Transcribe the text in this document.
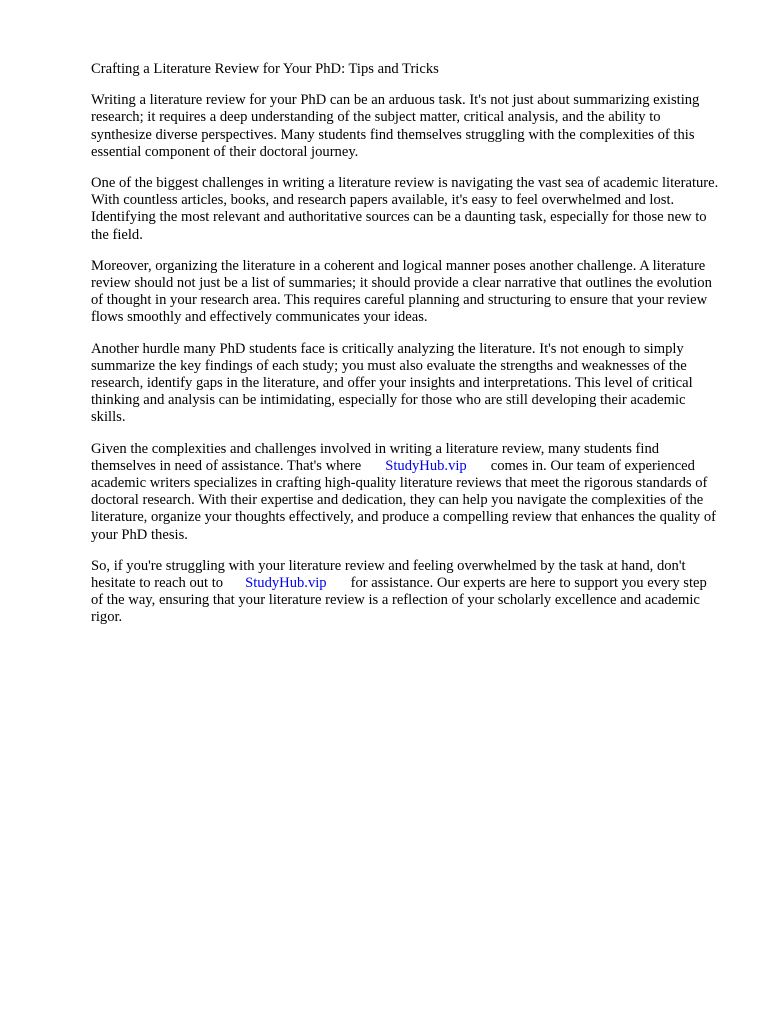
Crafting a Literature Review for Your PhD: Tips and Tricks

Writing a literature review for your PhD can be an arduous task. It's not just about summarizing existing research; it requires a deep understanding of the subject matter, critical analysis, and the ability to synthesize diverse perspectives. Many students find themselves struggling with the complexities of this essential component of their doctoral journey.

One of the biggest challenges in writing a literature review is navigating the vast sea of academic literature. With countless articles, books, and research papers available, it's easy to feel overwhelmed and lost. Identifying the most relevant and authoritative sources can be a daunting task, especially for those new to the field.

Moreover, organizing the literature in a coherent and logical manner poses another challenge. A literature review should not just be a list of summaries; it should provide a clear narrative that outlines the evolution of thought in your research area. This requires careful planning and structuring to ensure that your review flows smoothly and effectively communicates your ideas.

Another hurdle many PhD students face is critically analyzing the literature. It's not enough to simply summarize the key findings of each study; you must also evaluate the strengths and weaknesses of the research, identify gaps in the literature, and offer your insights and interpretations. This level of critical thinking and analysis can be intimidating, especially for those who are still developing their academic skills.

Given the complexities and challenges involved in writing a literature review, many students find themselves in need of assistance. That's where StudyHub.vip comes in. Our team of experienced academic writers specializes in crafting high-quality literature reviews that meet the rigorous standards of doctoral research. With their expertise and dedication, they can help you navigate the complexities of the literature, organize your thoughts effectively, and produce a compelling review that enhances the quality of your PhD thesis.

So, if you're struggling with your literature review and feeling overwhelmed by the task at hand, don't hesitate to reach out to StudyHub.vip for assistance. Our experts are here to support you every step of the way, ensuring that your literature review is a reflection of your scholarly excellence and academic rigor.
